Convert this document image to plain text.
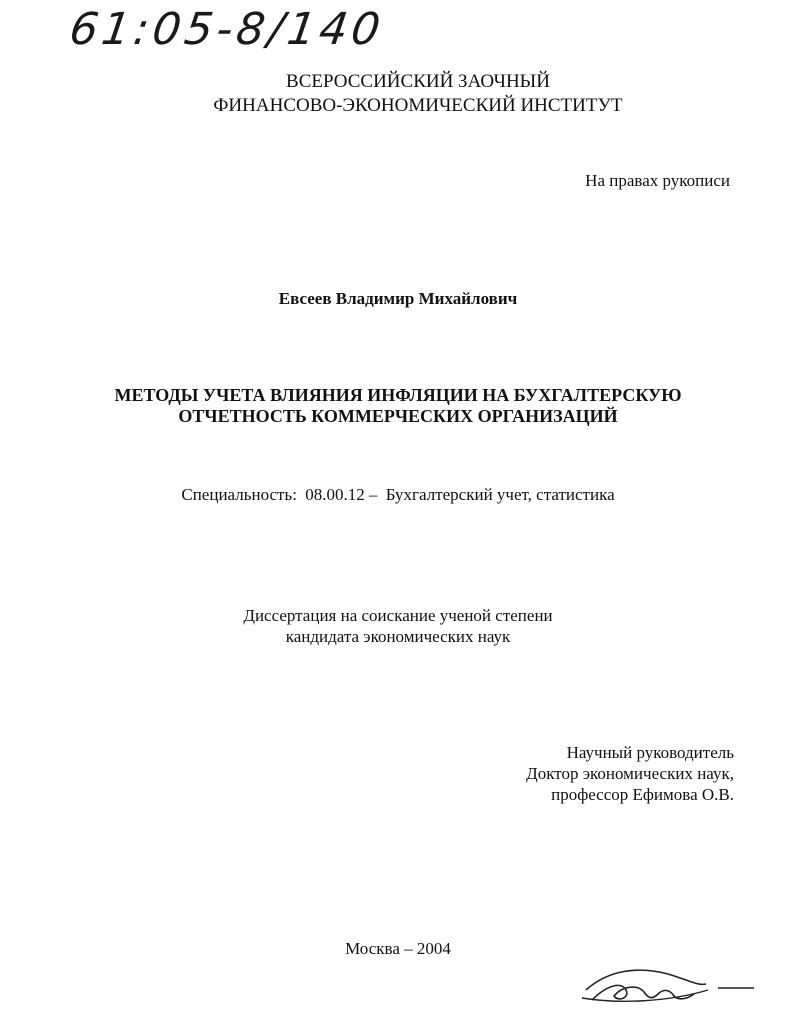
61:05-8/140
ВСЕРОССИЙСКИЙ ЗАОЧНЫЙ
ФИНАНСОВО-ЭКОНОМИЧЕСКИЙ ИНСТИТУТ
На правах рукописи
Евсеев Владимир Михайлович
МЕТОДЫ УЧЕТА ВЛИЯНИЯ ИНФЛЯЦИИ НА БУХГАЛТЕРСКУЮ
ОТЧЕТНОСТЬ КОММЕРЧЕСКИХ ОРГАНИЗАЦИЙ
Специальность: 08.00.12 – Бухгалтерский учет, статистика
Диссертация на соискание ученой степени
кандидата экономических наук
Научный руководитель
Доктор экономических наук,
профессор Ефимова О.В.
Москва – 2004
